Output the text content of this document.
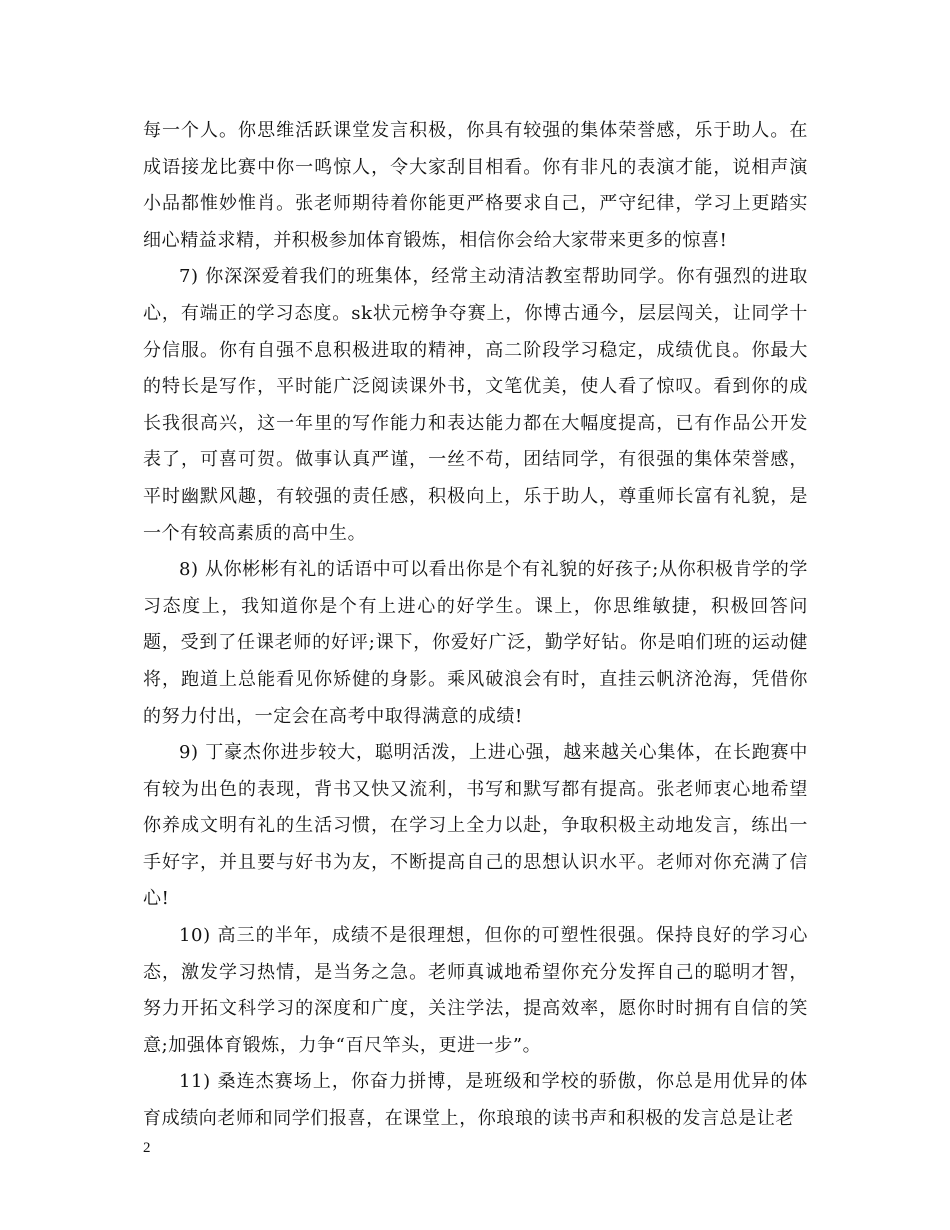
每一个人。你思维活跃课堂发言积极，你具有较强的集体荣誉感，乐于助人。在成语接龙比赛中你一鸣惊人，令大家刮目相看。你有非凡的表演才能，说相声演小品都惟妙惟肖。张老师期待着你能更严格要求自己，严守纪律，学习上更踏实细心精益求精，并积极参加体育锻炼，相信你会给大家带来更多的惊喜!

7) 你深深爱着我们的班集体，经常主动清洁教室帮助同学。你有强烈的进取心，有端正的学习态度。sk状元榜争夺赛上，你博古通今，层层闯关，让同学十分信服。你有自强不息积极进取的精神，高二阶段学习稳定，成绩优良。你最大的特长是写作，平时能广泛阅读课外书，文笔优美，使人看了惊叹。看到你的成长我很高兴，这一年里的写作能力和表达能力都在大幅度提高，已有作品公开发表了，可喜可贺。做事认真严谨，一丝不苟，团结同学，有很强的集体荣誉感，平时幽默风趣，有较强的责任感，积极向上，乐于助人，尊重师长富有礼貌，是一个有较高素质的高中生。

8) 从你彬彬有礼的话语中可以看出你是个有礼貌的好孩子;从你积极肯学的学习态度上，我知道你是个有上进心的好学生。课上，你思维敏捷，积极回答问题，受到了任课老师的好评;课下，你爱好广泛，勤学好钻。你是咱们班的运动健将，跑道上总能看见你矫健的身影。乘风破浪会有时，直挂云帆济沧海，凭借你的努力付出，一定会在高考中取得满意的成绩!

9) 丁豪杰你进步较大，聪明活泼，上进心强，越来越关心集体，在长跑赛中有较为出色的表现，背书又快又流利，书写和默写都有提高。张老师衷心地希望你养成文明有礼的生活习惯，在学习上全力以赴，争取积极主动地发言，练出一手好字，并且要与好书为友，不断提高自己的思想认识水平。老师对你充满了信心!

10) 高三的半年，成绩不是很理想，但你的可塑性很强。保持良好的学习心态，激发学习热情，是当务之急。老师真诚地希望你充分发挥自己的聪明才智，努力开拓文科学习的深度和广度，关注学法，提高效率，愿你时时拥有自信的笑意;加强体育锻炼，力争“百尺竿头，更进一步”。

11) 桑连杰赛场上，你奋力拼博，是班级和学校的骄傲，你总是用优异的体育成绩向老师和同学们报喜，在课堂上，你琅琅的读书声和积极的发言总是让老

2
